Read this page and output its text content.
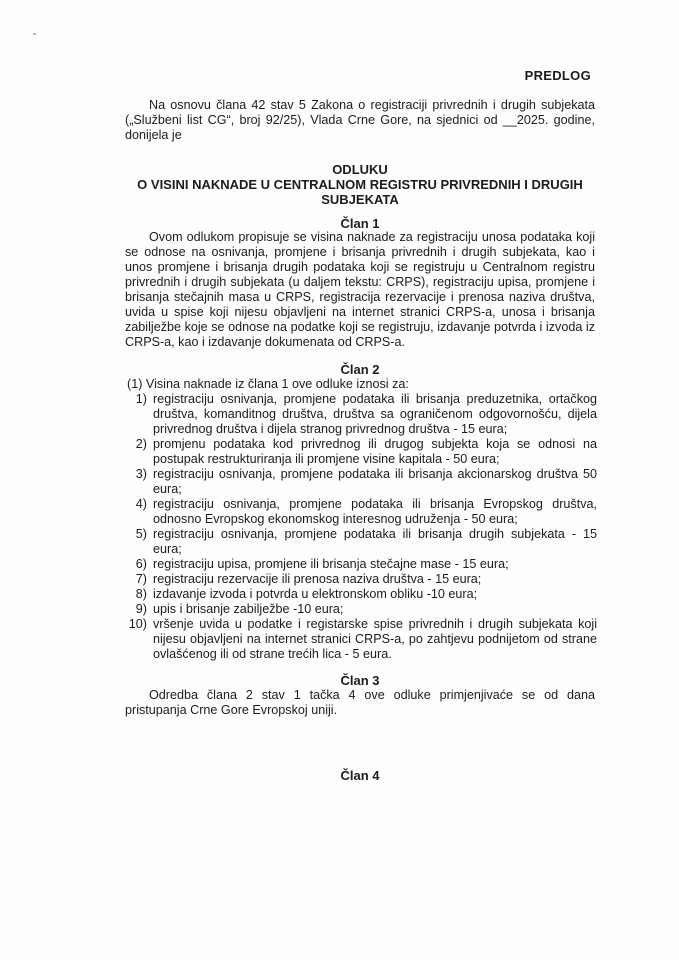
PREDLOG
Na osnovu člana 42 stav 5 Zakona o registraciji privrednih i drugih subjekata („Službeni list CG“, broj 92/25), Vlada Crne Gore, na sjednici od __2025. godine, donijela je
ODLUKU
O VISINI NAKNADE U CENTRALNOM REGISTRU PRIVREDNIH I DRUGIH
SUBJEKATA
Član 1
Ovom odlukom propisuje se visina naknade za registraciju unosa podataka koji se odnose na osnivanja, promjene i brisanja privrednih i drugih subjekata, kao i unos promjene i brisanja drugih podataka koji se registruju u Centralnom registru privrednih i drugih subjekata (u daljem tekstu: CRPS), registraciju upisa, promjene i brisanja stečajnih masa u CRPS, registracija rezervacije i prenosa naziva društva, uvida u spise koji nijesu objavljeni na internet stranici CRPS-a, unosa i brisanja zabilježbe koje se odnose na podatke koji se registruju, izdavanje potvrda i izvoda iz CRPS-a, kao i izdavanje dokumenata od CRPS-a.
Član 2
(1) Visina naknade iz člana 1 ove odluke iznosi za:
1) registraciju osnivanja, promjene podataka ili brisanja preduzetnika, ortačkog društva, komanditnog društva, društva sa ograničenom odgovornošću, dijela privrednog društva i dijela stranog privrednog društva - 15 eura;
2) promjenu podataka kod privrednog ili drugog subjekta koja se odnosi na postupak restrukturiranja ili promjene visine kapitala - 50 eura;
3) registraciju osnivanja, promjene podataka ili brisanja akcionarskog društva 50 eura;
4) registraciju osnivanja, promjene podataka ili brisanja Evropskog društva, odnosno Evropskog ekonomskog interesnog udruženja - 50 eura;
5) registraciju osnivanja, promjene podataka ili brisanja drugih subjekata - 15 eura;
6) registraciju upisa, promjene ili brisanja stečajne mase - 15 eura;
7) registraciju rezervacije ili prenosa naziva društva - 15 eura;
8) izdavanje izvoda i potvrda u elektronskom obliku -10 eura;
9) upis i brisanje zabilježbe -10 eura;
10) vršenje uvida u podatke i registarske spise privrednih i drugih subjekata koji nijesu objavljeni na internet stranici CRPS-a, po zahtjevu podnijetom od strane ovlašćenog ili od strane trećih lica - 5 eura.
Član 3
Odredba člana 2 stav 1 tačka 4 ove odluke primjenjivaće se od dana pristupanja Crne Gore Evropskoj uniji.
Član 4
